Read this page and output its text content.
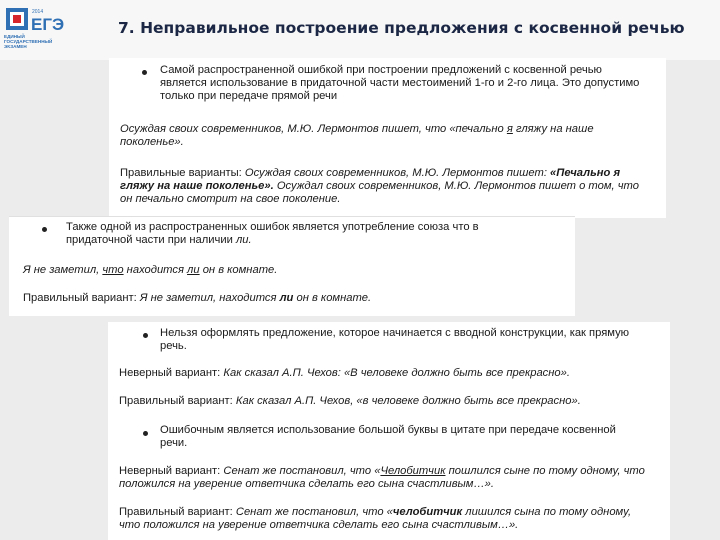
2014
ЕГЭ
ЕДИНЫЙ
ГОСУДАРСТВЕННЫЙ
ЭКЗАМЕН
7. Неправильное построение предложения с косвенной речью
Самой распространенной ошибкой при построении предложений с косвенной речью
является использование в придаточной части местоимений 1-го и 2-го лица. Это допустимо
только при передаче прямой речи
Осуждая своих современников, М.Ю. Лермонтов пишет, что «печально я гляжу на наше
поколенье».
Правильные варианты: Осуждая своих современников, М.Ю. Лермонтов пишет: «Печально я
гляжу на наше поколенье». Осуждал своих современников, М.Ю. Лермонтов пишет о том, что
он печально смотрит на свое поколение.
Также одной из распространенных ошибок является употребление союза что в
придаточной части при наличии ли.
Я не заметил, что находится ли он в комнате.
Правильный вариант: Я не заметил, находится ли он в комнате.
Нельзя оформлять предложение, которое начинается с вводной конструкции, как прямую
речь.
Неверный вариант: Как сказал А.П. Чехов: «В человеке должно быть все прекрасно».
Правильный вариант: Как сказал А.П. Чехов, «в человеке должно быть все прекрасно».
Ошибочным является использование большой буквы в цитате при передаче косвенной
речи.
Неверный вариант: Сенат же постановил, что «Челобитчик пошлился сыне по тому одному, что
положился на уверение ответчика сделать его сына счастливым…».
Правильный вариант: Сенат же постановил, что «челобитчик лишился сына по тому одному,
что положился на уверение ответчика сделать его сына счастливым…».
